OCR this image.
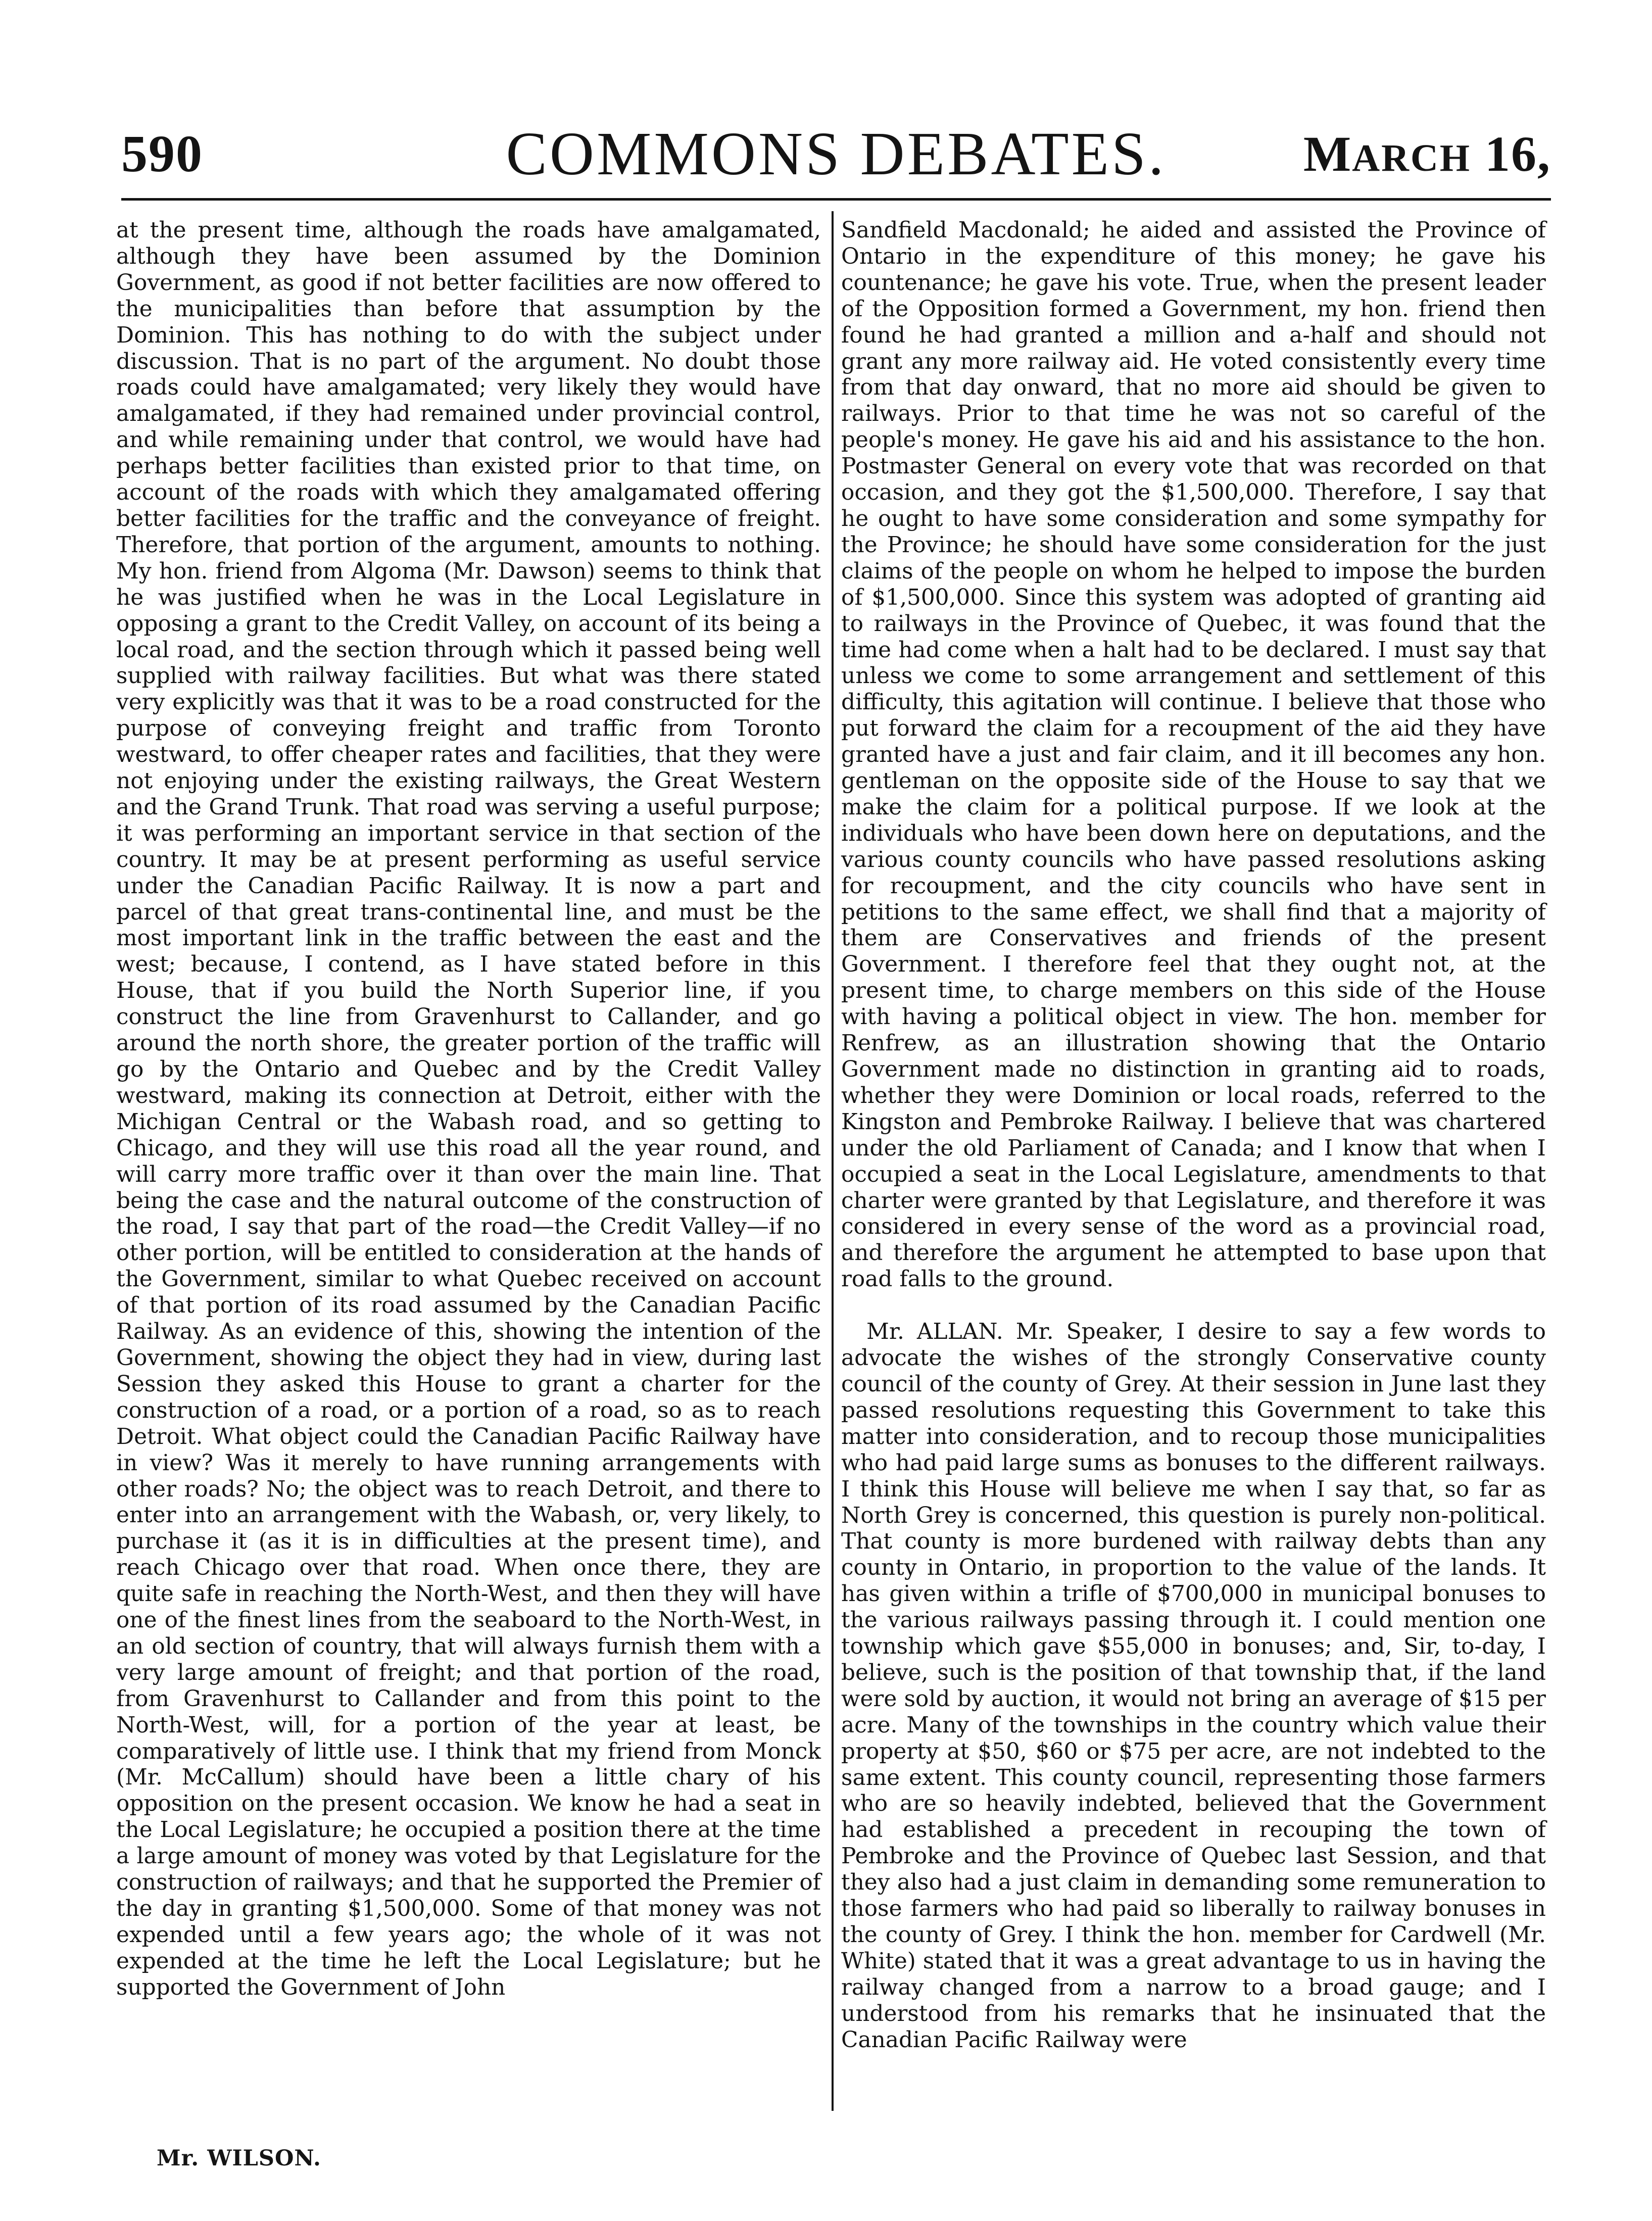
590	COMMONS DEBATES.	MARCH 16,

at the present time, although the roads have amalgamated, although they have been assumed by the Dominion Government, as good if not better facilities are now offered to the municipalities than before that assumption by the Dominion. This has nothing to do with the subject under discussion. That is no part of the argument. No doubt those roads could have amalgamated; very likely they would have amalgamated, if they had remained under provincial control, and while remaining under that control, we would have had perhaps better facilities than existed prior to that time, on account of the roads with which they amalgamated offering better facilities for the traffic and the conveyance of freight. Therefore, that portion of the argument, amounts to nothing. My hon. friend from Algoma (Mr. Dawson) seems to think that he was justified when he was in the Local Legislature in opposing a grant to the Credit Valley, on account of its being a local road, and the section through which it passed being well supplied with railway facilities. But what was there stated very explicitly was that it was to be a road constructed for the purpose of conveying freight and traffic from Toronto westward, to offer cheaper rates and facilities, that they were not enjoying under the existing railways, the Great Western and the Grand Trunk. That road was serving a useful purpose; it was performing an important service in that section of the country. It may be at present performing as useful service under the Canadian Pacific Railway. It is now a part and parcel of that great trans-continental line, and must be the most important link in the traffic between the east and the west; because, I contend, as I have stated before in this House, that if you build the North Superior line, if you construct the line from Gravenhurst to Callander, and go around the north shore, the greater portion of the traffic will go by the Ontario and Quebec and by the Credit Valley westward, making its connection at Detroit, either with the Michigan Central or the Wabash road, and so getting to Chicago, and they will use this road all the year round, and will carry more traffic over it than over the main line. That being the case and the natural outcome of the construction of the road, I say that part of the road—the Credit Valley—if no other portion, will be entitled to consideration at the hands of the Government, similar to what Quebec received on account of that portion of its road assumed by the Canadian Pacific Railway. As an evidence of this, showing the intention of the Government, showing the object they had in view, during last Session they asked this House to grant a charter for the construction of a road, or a portion of a road, so as to reach Detroit. What object could the Canadian Pacific Railway have in view? Was it merely to have running arrangements with other roads? No; the object was to reach Detroit, and there to enter into an arrangement with the Wabash, or, very likely, to purchase it (as it is in difficulties at the present time), and reach Chicago over that road. When once there, they are quite safe in reaching the North-West, and then they will have one of the finest lines from the seaboard to the North-West, in an old section of country, that will always furnish them with a very large amount of freight; and that portion of the road, from Gravenhurst to Callander and from this point to the North-West, will, for a portion of the year at least, be comparatively of little use. I think that my friend from Monck (Mr. McCallum) should have been a little chary of his opposition on the present occasion. We know he had a seat in the Local Legislature; he occupied a position there at the time a large amount of money was voted by that Legislature for the construction of railways; and that he supported the Premier of the day in granting $1,500,000. Some of that money was not expended until a few years ago; the whole of it was not expended at the time he left the Local Legislature; but he supported the Government of John

Sandfield Macdonald; he aided and assisted the Province of Ontario in the expenditure of this money; he gave his countenance; he gave his vote. True, when the present leader of the Opposition formed a Government, my hon. friend then found he had granted a million and a-half and should not grant any more railway aid. He voted consistently every time from that day onward, that no more aid should be given to railways. Prior to that time he was not so careful of the people's money. He gave his aid and his assistance to the hon. Postmaster General on every vote that was recorded on that occasion, and they got the $1,500,000. Therefore, I say that he ought to have some consideration and some sympathy for the Province; he should have some consideration for the just claims of the people on whom he helped to impose the burden of $1,500,000. Since this system was adopted of granting aid to railways in the Province of Quebec, it was found that the time had come when a halt had to be declared. I must say that unless we come to some arrangement and settlement of this difficulty, this agitation will continue. I believe that those who put forward the claim for a recoupment of the aid they have granted have a just and fair claim, and it ill becomes any hon. gentleman on the opposite side of the House to say that we make the claim for a political purpose. If we look at the individuals who have been down here on deputations, and the various county councils who have passed resolutions asking for recoupment, and the city councils who have sent in petitions to the same effect, we shall find that a majority of them are Conservatives and friends of the present Government. I therefore feel that they ought not, at the present time, to charge members on this side of the House with having a political object in view. The hon. member for Renfrew, as an illustration showing that the Ontario Government made no distinction in granting aid to roads, whether they were Dominion or local roads, referred to the Kingston and Pembroke Railway. I believe that was chartered under the old Parliament of Canada; and I know that when I occupied a seat in the Local Legislature, amendments to that charter were granted by that Legislature, and therefore it was considered in every sense of the word as a provincial road, and therefore the argument he attempted to base upon that road falls to the ground.

Mr. ALLAN. Mr. Speaker, I desire to say a few words to advocate the wishes of the strongly Conservative county council of the county of Grey. At their session in June last they passed resolutions requesting this Government to take this matter into consideration, and to recoup those municipalities who had paid large sums as bonuses to the different railways. I think this House will believe me when I say that, so far as North Grey is concerned, this question is purely non-political. That county is more burdened with railway debts than any county in Ontario, in proportion to the value of the lands. It has given within a trifle of $700,000 in municipal bonuses to the various railways passing through it. I could mention one township which gave $55,000 in bonuses; and, Sir, to-day, I believe, such is the position of that township that, if the land were sold by auction, it would not bring an average of $15 per acre. Many of the townships in the country which value their property at $50, $60 or $75 per acre, are not indebted to the same extent. This county council, representing those farmers who are so heavily indebted, believed that the Government had established a precedent in recouping the town of Pembroke and the Province of Quebec last Session, and that they also had a just claim in demanding some remuneration to those farmers who had paid so liberally to railway bonuses in the county of Grey. I think the hon. member for Cardwell (Mr. White) stated that it was a great advantage to us in having the railway changed from a narrow to a broad gauge; and I understood from his remarks that he insinuated that the Canadian Pacific Railway were

Mr. WILSON.
